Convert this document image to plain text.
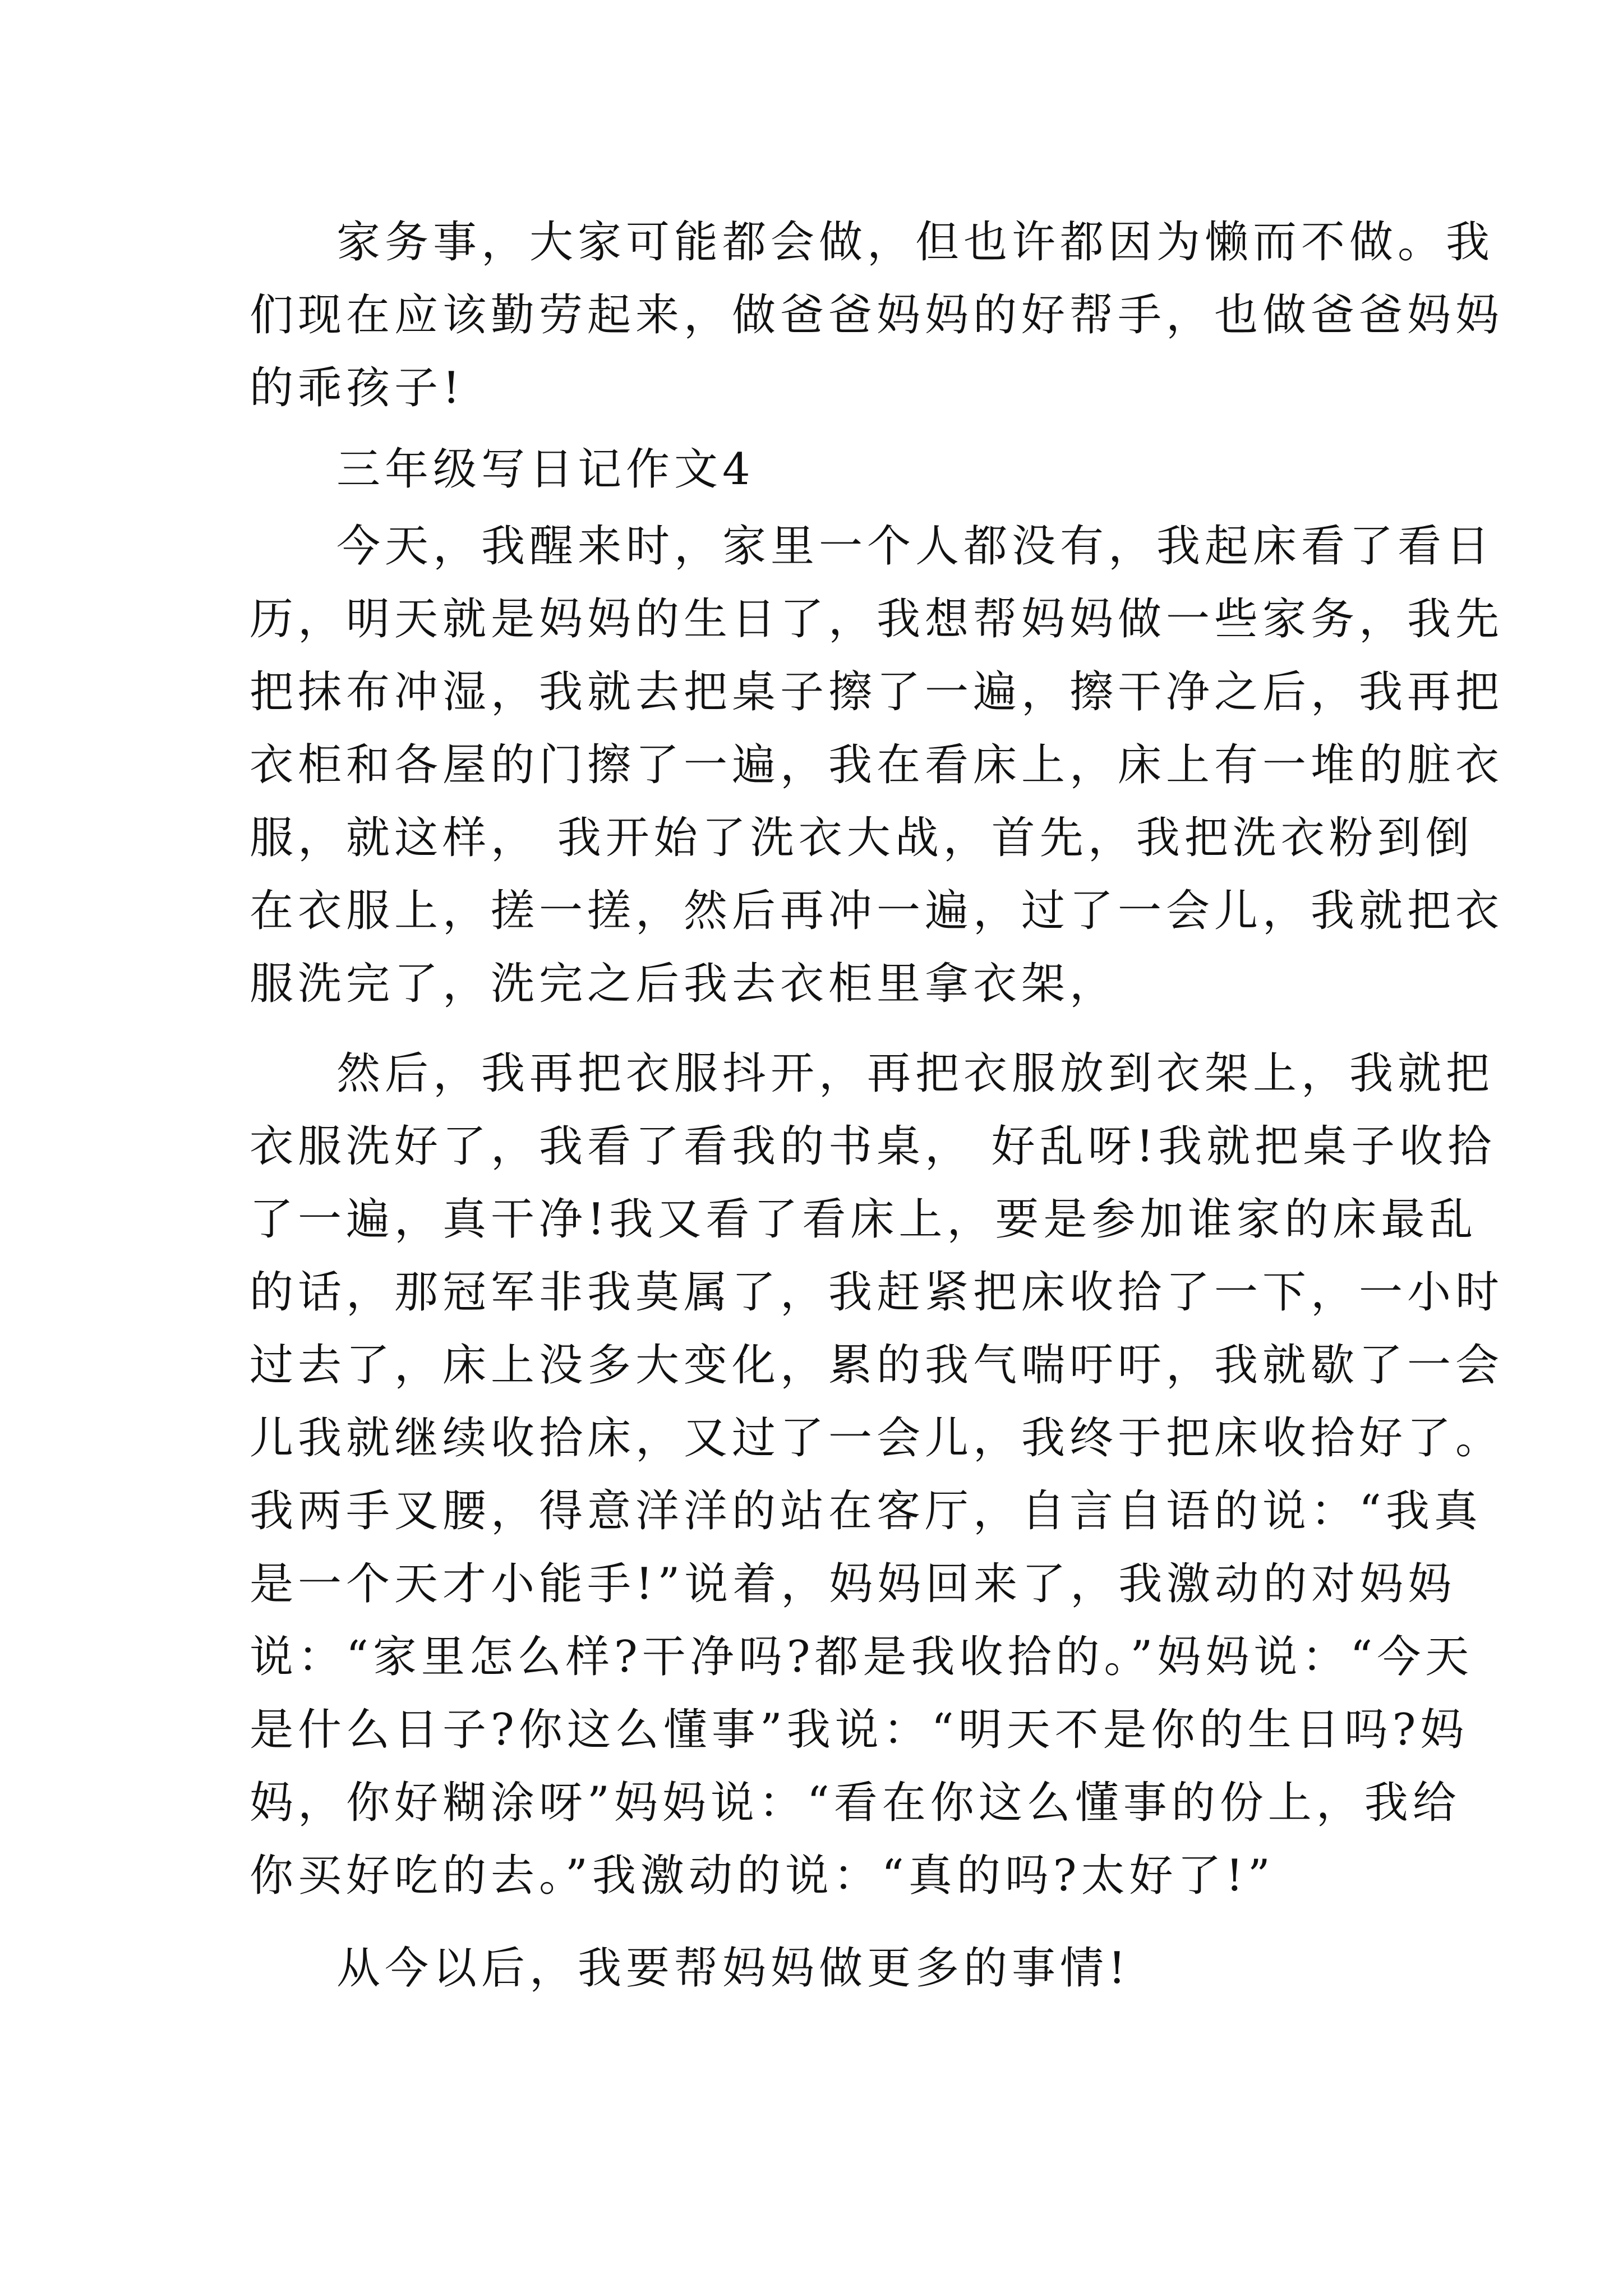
家务事，大家可能都会做，但也许都因为懒而不做。我
们现在应该勤劳起来，做爸爸妈妈的好帮手，也做爸爸妈妈
的乖孩子!
三年级写日记作文4
今天，我醒来时，家里一个人都没有，我起床看了看日
历，明天就是妈妈的生日了，我想帮妈妈做一些家务，我先
把抹布冲湿，我就去把桌子擦了一遍，擦干净之后，我再把
衣柜和各屋的门擦了一遍，我在看床上，床上有一堆的脏衣
服，就这样， 我开始了洗衣大战，首先，我把洗衣粉到倒
在衣服上，搓一搓，然后再冲一遍，过了一会儿，我就把衣
服洗完了，洗完之后我去衣柜里拿衣架，
然后，我再把衣服抖开，再把衣服放到衣架上，我就把
衣服洗好了，我看了看我的书桌， 好乱呀!我就把桌子收拾
了一遍，真干净!我又看了看床上，要是参加谁家的床最乱
的话，那冠军非我莫属了，我赶紧把床收拾了一下，一小时
过去了，床上没多大变化，累的我气喘吁吁，我就歇了一会
儿我就继续收拾床，又过了一会儿，我终于把床收拾好了。
我两手叉腰，得意洋洋的站在客厅，自言自语的说：“我真
是一个天才小能手!”说着，妈妈回来了，我激动的对妈妈
说：“家里怎么样?干净吗?都是我收拾的。”妈妈说：“今天
是什么日子?你这么懂事”我说：“明天不是你的生日吗?妈
妈，你好糊涂呀”妈妈说：“看在你这么懂事的份上，我给
你买好吃的去。”我激动的说：“真的吗?太好了!”
从今以后，我要帮妈妈做更多的事情!
